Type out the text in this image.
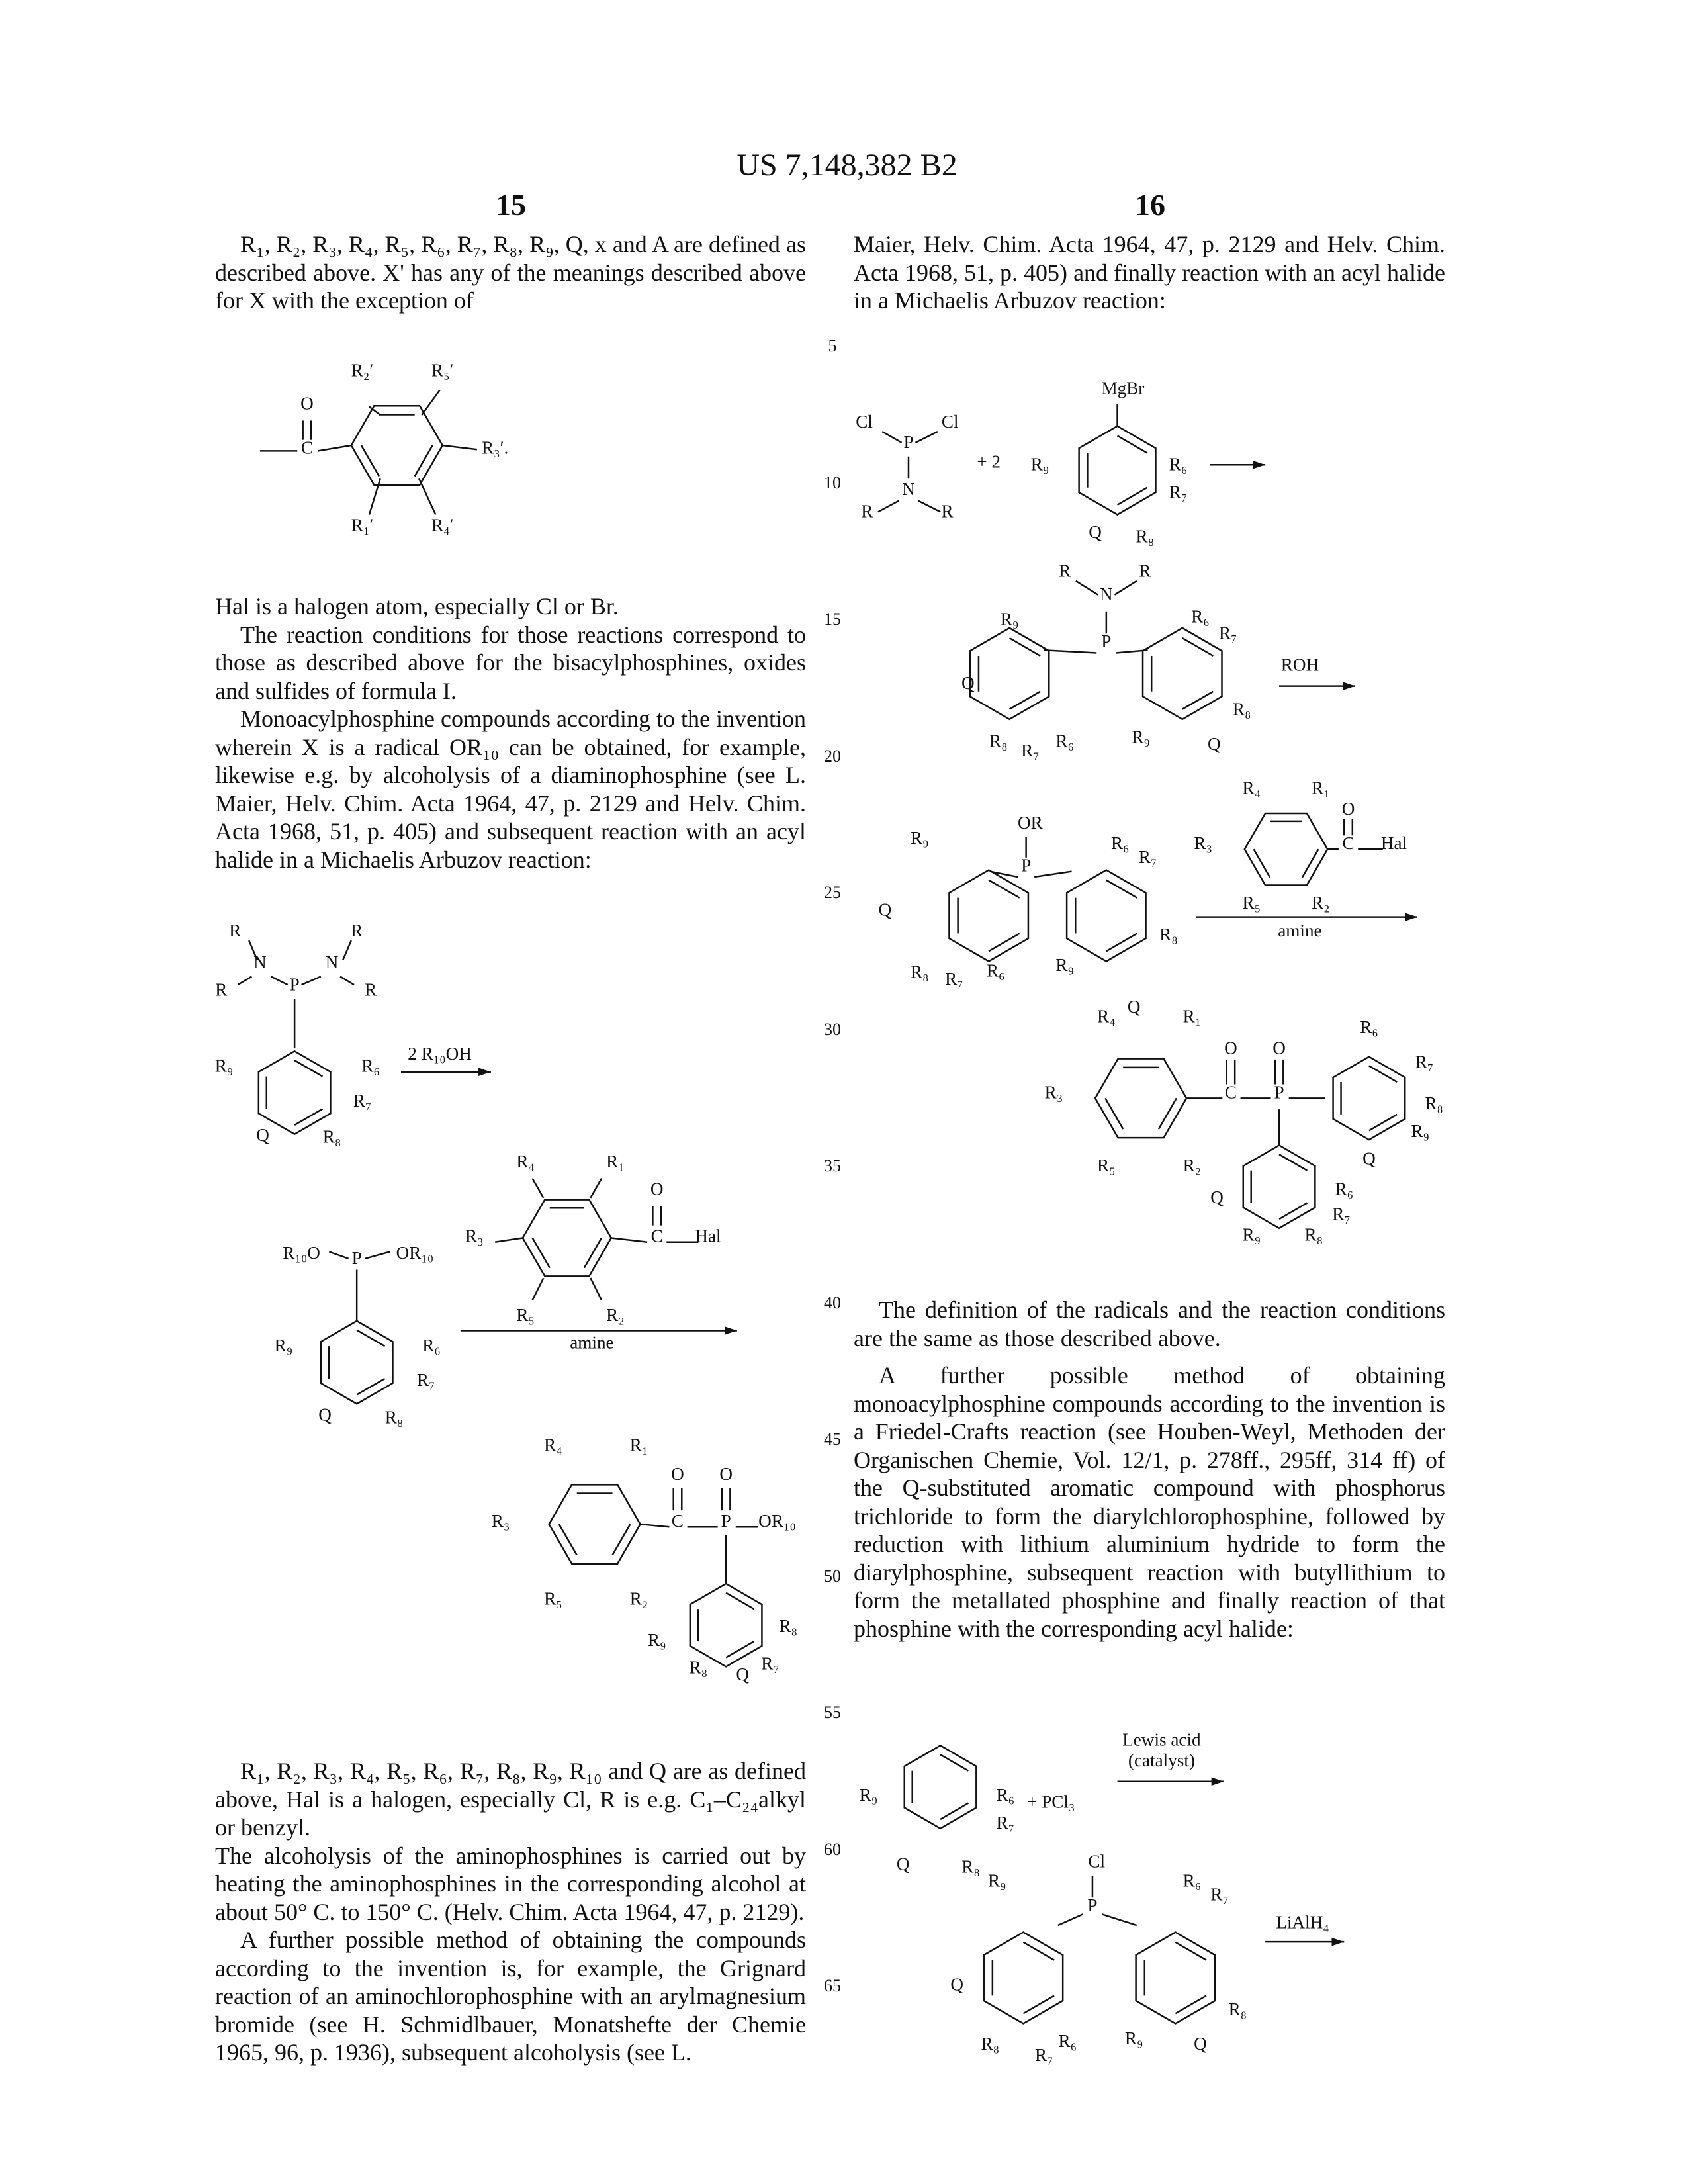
US 7,148,382 B2
15	16

R₁, R₂, R₃, R₄, R₅, R₆, R₇, R₈, R₉, Q, x and A are defined as described above. X' has any of the meanings described above for X with the exception of

Hal is a halogen atom, especially Cl or Br.

The reaction conditions for those reactions correspond to those as described above for the bisacylphosphines, oxides and sulfides of formula I.

Monoacylphosphine compounds according to the invention wherein X is a radical OR₁₀ can be obtained, for example, likewise e.g. by alcoholysis of a diaminophosphine (see L. Maier, Helv. Chim. Acta 1964, 47, p. 2129 and Helv. Chim. Acta 1968, 51, p. 405) and subsequent reaction with an acyl halide in a Michaelis Arbuzov reaction:

R₁, R₂, R₃, R₄, R₅, R₆, R₇, R₈, R₉, R₁₀ and Q are as defined above, Hal is a halogen, especially Cl, R is e.g. C₁–C₂₄alkyl or benzyl.

The alcoholysis of the aminophosphines is carried out by heating the aminophosphines in the corresponding alcohol at about 50° C. to 150° C. (Helv. Chim. Acta 1964, 47, p. 2129).

A further possible method of obtaining the compounds according to the invention is, for example, the Grignard reaction of an aminochlorophosphine with an arylmagnesium bromide (see H. Schmidlbauer, Monatshefte der Chemie 1965, 96, p. 1936), subsequent alcoholysis (see L.

Maier, Helv. Chim. Acta 1964, 47, p. 2129 and Helv. Chim. Acta 1968, 51, p. 405) and finally reaction with an acyl halide in a Michaelis Arbuzov reaction:

The definition of the radicals and the reaction conditions are the same as those described above.

A further possible method of obtaining monoacylphosphine compounds according to the invention is a Friedel-Crafts reaction (see Houben-Weyl, Methoden der Organischen Chemie, Vol. 12/1, p. 278ff., 295ff, 314 ff) of the Q-substituted aromatic compound with phosphorus trichloride to form the diarylchlorophosphine, followed by reduction with lithium aluminium hydride to form the diarylphosphine, subsequent reaction with butyllithium to form the metallated phosphine and finally reaction of that phosphine with the corresponding acyl halide:

5
10
15
20
25
30
35
40
45
50
55
60
65
R₂′	R₅′
O
C	R₃′.
R₁′	R₄′
N	N
R	R
R	R
P
R₉	R₆
R₇
Q	R₈
2 R₁₀OH
R₁₀O	P	OR₁₀
R₉	R₆
R₇
Q	R₈
R₄	R₁
O
C	Hal
R₃
R₅	R₂
amine
R₄	R₁
R₃
R₅	R₂
O	O
C	P	OR₁₀
R₉
R₈
R₈	Q
R₇
Cl	Cl
P
N
R	R
+ 2	R₉
MgBr
R₆
R₇
Q	R₈
R	R
N
P
R₉	R₆
R₇
Q
R₈
R₈ R₇ R₆	R₉	Q
ROH
OR
P
R₉	R₆
R₇
Q
R₈
R₈ R₇	R₆	R₉
Q
R₄	R₁
O
C	Hal
R₃
R₅	R₂
amine
R₄	R₁
R₃
R₅	R₂
O	O
C	P
R₆
R₇
R₈
R₉
Q
Q	R₆
R₇
R₉	R₈
R₉	R₆
R₇
Q	R₈
+ PCl₃
Lewis acid
(catalyst)
Cl
P
R₉	R₆
R₇
Q
R₈
R₈
R₇
R₆	R₉	Q
LiAlH₄
